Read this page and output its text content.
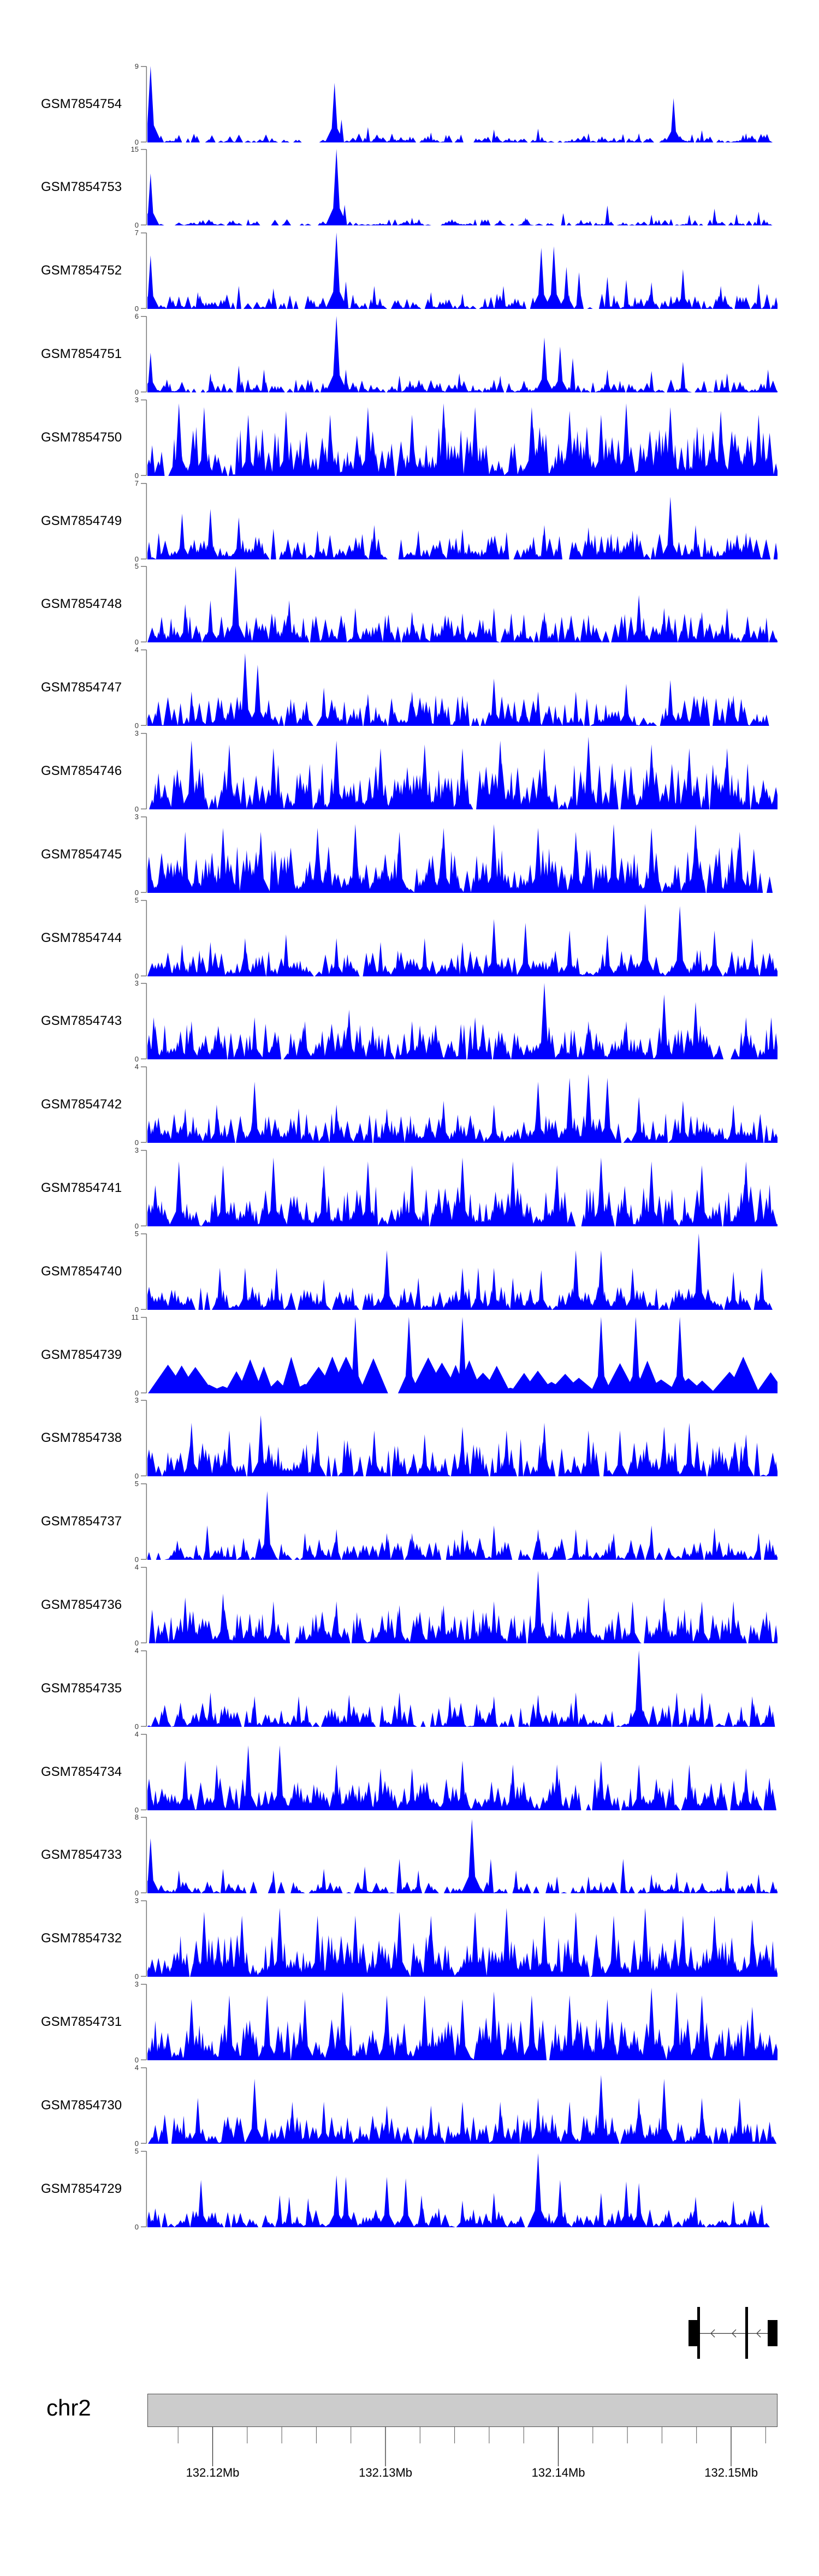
GSM7854754
9
0
GSM7854753
15
0
GSM7854752
7
0
GSM7854751
6
0
GSM7854750
3
0
GSM7854749
7
0
GSM7854748
5
0
GSM7854747
4
0
GSM7854746
3
0
GSM7854745
3
0
GSM7854744
5
0
GSM7854743
3
0
GSM7854742
4
0
GSM7854741
3
0
GSM7854740
5
0
GSM7854739
11
0
GSM7854738
3
0
GSM7854737
5
0
GSM7854736
4
0
GSM7854735
4
0
GSM7854734
4
0
GSM7854733
8
0
GSM7854732
3
0
GSM7854731
3
0
GSM7854730
4
0
GSM7854729
5
0
chr2
132.12Mb	132.13Mb	132.14Mb	132.15Mb
